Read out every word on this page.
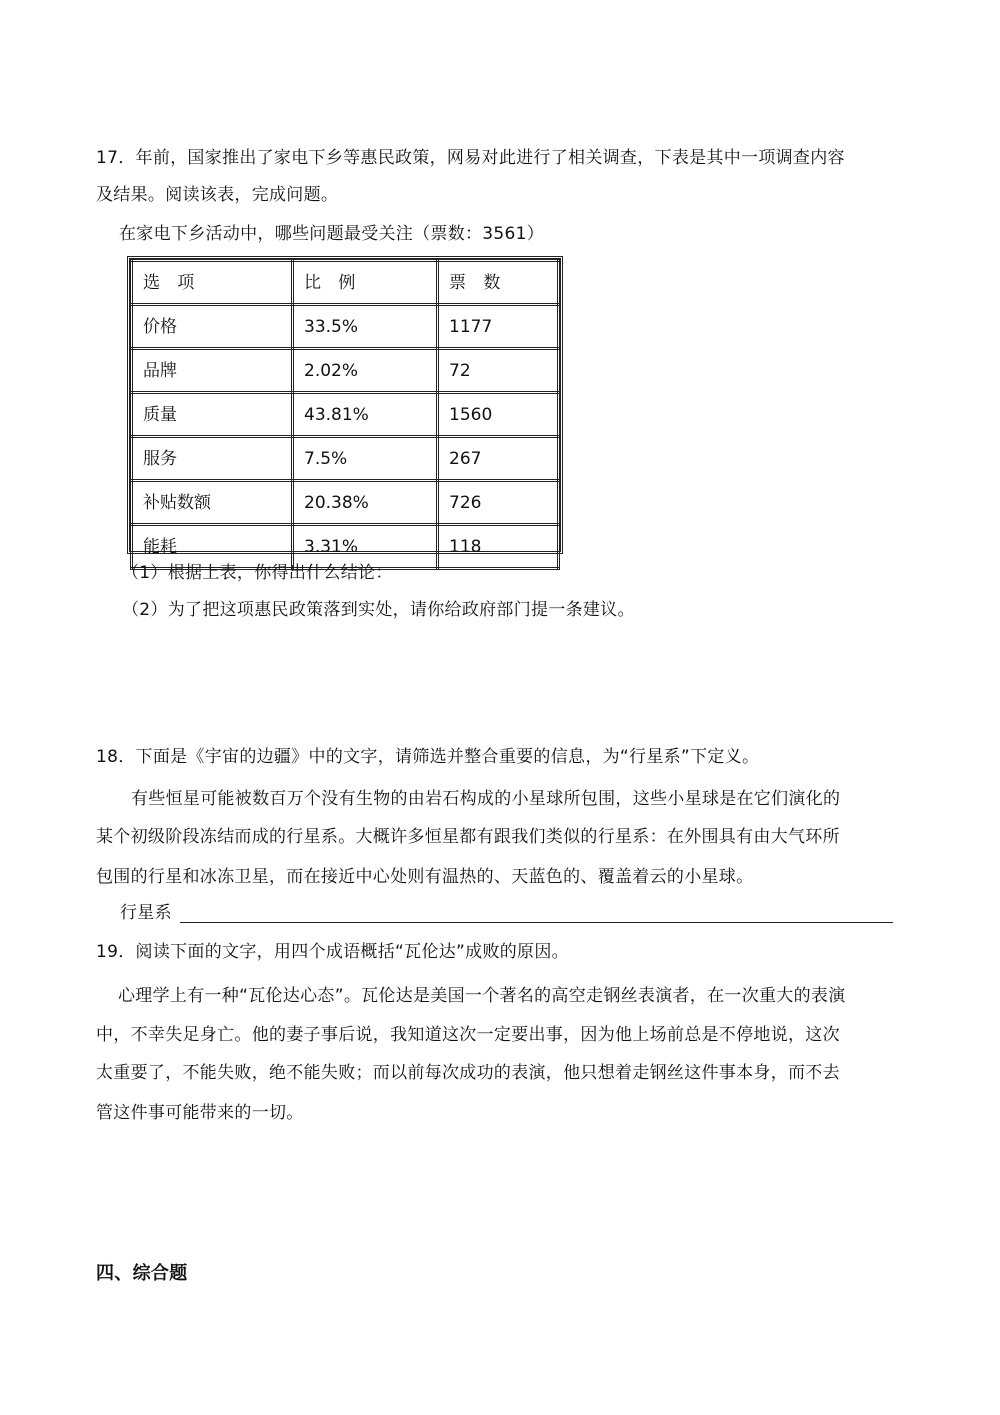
17．年前，国家推出了家电下乡等惠民政策，网易对此进行了相关调查，下表是其中一项调查内容
及结果。阅读该表，完成问题。
在家电下乡活动中，哪些问题最受关注（票数：3561）
选 项	比 例	票 数
价格	33.5%	1177
品牌	2.02%	72
质量	43.81%	1560
服务	7.5%	267
补贴数额	20.38%	726
能耗	3.31%	118
（1）根据上表，你得出什么结论：
（2）为了把这项惠民政策落到实处，请你给政府部门提一条建议。
18．下面是《宇宙的边疆》中的文字，请筛选并整合重要的信息，为“行星系”下定义。
有些恒星可能被数百万个没有生物的由岩石构成的小星球所包围，这些小星球是在它们演化的
某个初级阶段冻结而成的行星系。大概许多恒星都有跟我们类似的行星系：在外围具有由大气环所
包围的行星和冰冻卫星，而在接近中心处则有温热的、天蓝色的、覆盖着云的小星球。
行星系
19．阅读下面的文字，用四个成语概括“瓦伦达”成败的原因。
心理学上有一种“瓦伦达心态”。瓦伦达是美国一个著名的高空走钢丝表演者，在一次重大的表演
中，不幸失足身亡。他的妻子事后说，我知道这次一定要出事，因为他上场前总是不停地说，这次
太重要了，不能失败，绝不能失败；而以前每次成功的表演，他只想着走钢丝这件事本身，而不去
管这件事可能带来的一切。
四、综合题
